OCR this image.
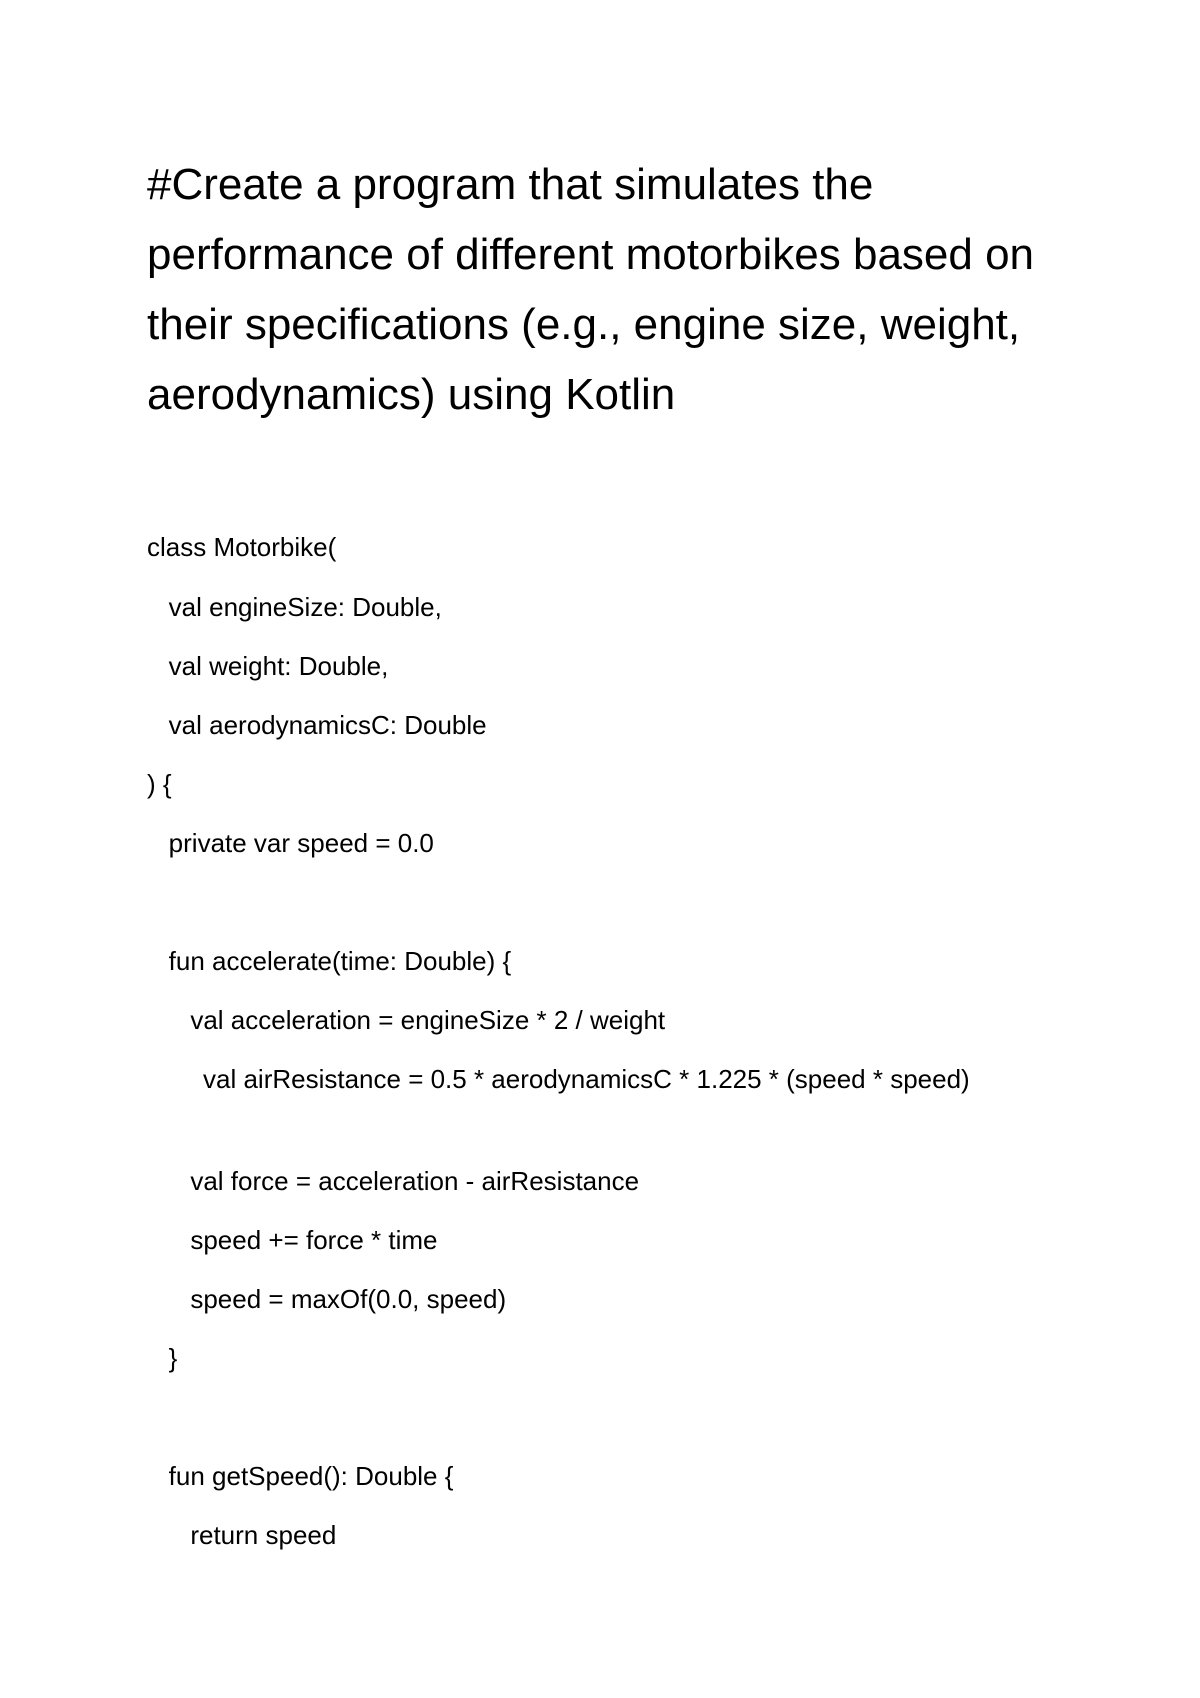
#Create a program that simulates the performance of different motorbikes based on their specifications (e.g., engine size, weight, aerodynamics) using Kotlin

class Motorbike(

val engineSize: Double,

val weight: Double,

val aerodynamicsC: Double

) {

private var speed = 0.0

fun accelerate(time: Double) {

val acceleration = engineSize * 2 / weight

val airResistance = 0.5 * aerodynamicsC * 1.225 * (speed * speed)

val force = acceleration - airResistance

speed += force * time

speed = maxOf(0.0, speed)

}

fun getSpeed(): Double {

return speed
